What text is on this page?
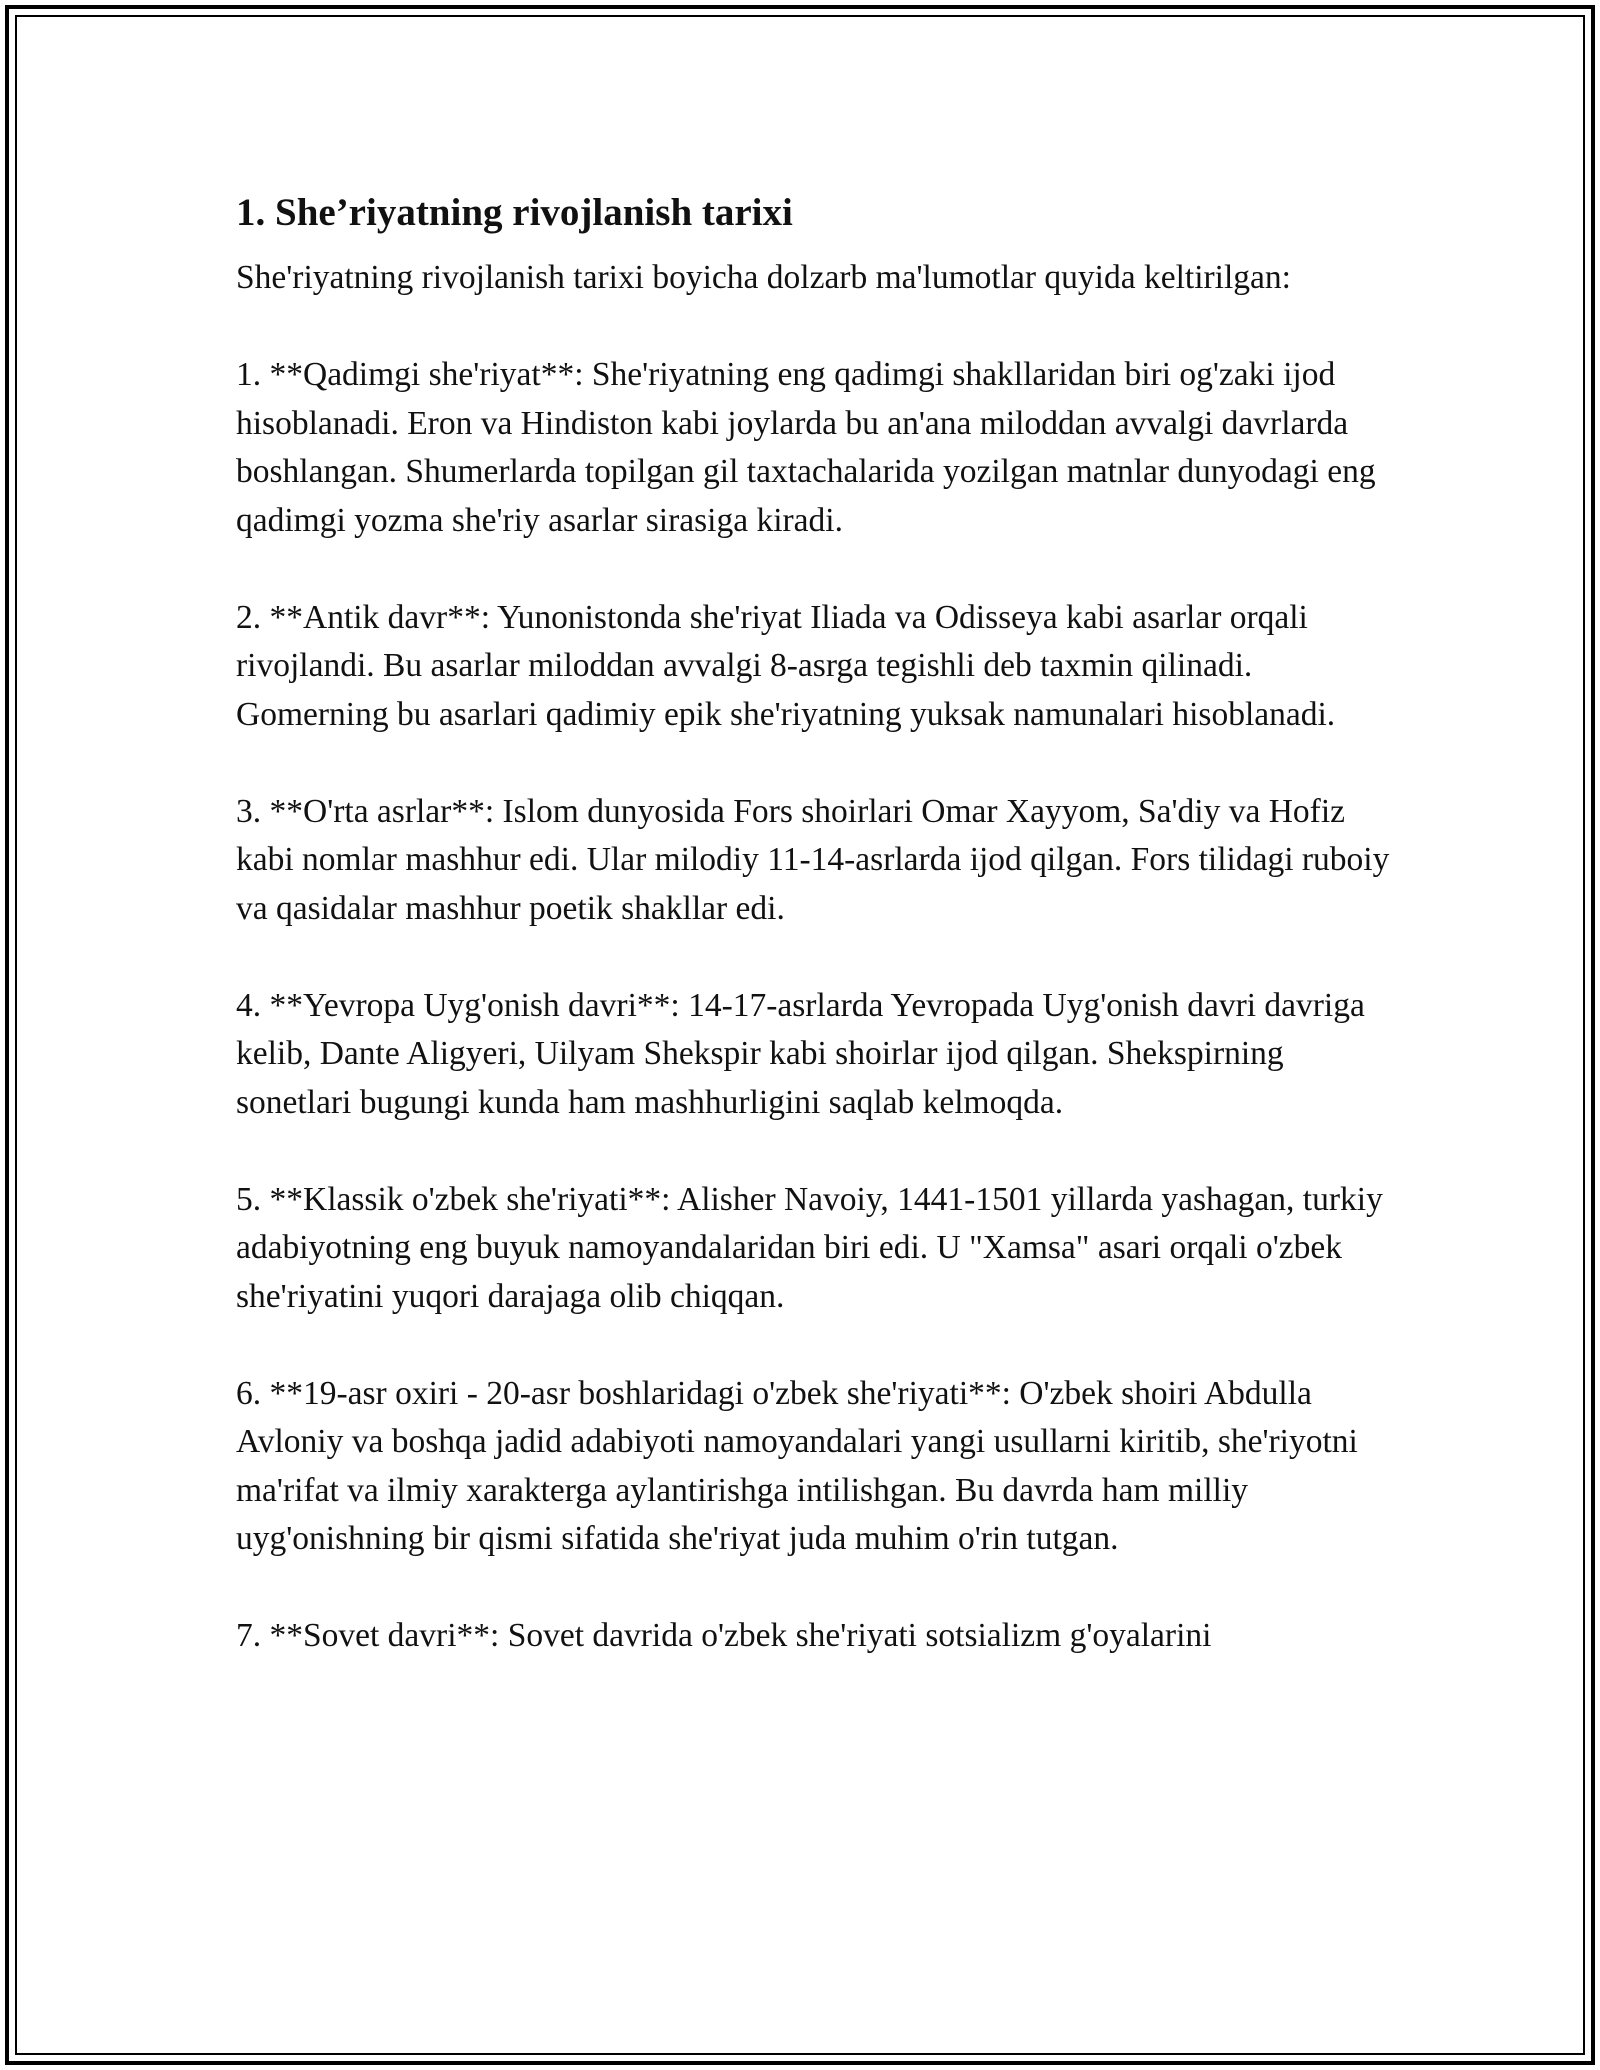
1. She’riyatning rivojlanish tarixi

She'riyatning rivojlanish tarixi boyicha dolzarb ma'lumotlar quyida keltirilgan:

1. **Qadimgi she'riyat**: She'riyatning eng qadimgi shakllaridan biri og'zaki ijod hisoblanadi. Eron va Hindiston kabi joylarda bu an'ana miloddan avvalgi davrlarda boshlangan. Shumerlarda topilgan gil taxtachalarida yozilgan matnlar dunyodagi eng qadimgi yozma she'riy asarlar sirasiga kiradi.

2. **Antik davr**: Yunonistonda she'riyat Iliada va Odisseya kabi asarlar orqali rivojlandi. Bu asarlar miloddan avvalgi 8-asrga tegishli deb taxmin qilinadi. Gomerning bu asarlari qadimiy epik she'riyatning yuksak namunalari hisoblanadi.

3. **O'rta asrlar**: Islom dunyosida Fors shoirlari Omar Xayyom, Sa'diy va Hofiz kabi nomlar mashhur edi. Ular milodiy 11-14-asrlarda ijod qilgan. Fors tilidagi ruboiy va qasidalar mashhur poetik shakllar edi.

4. **Yevropa Uyg'onish davri**: 14-17-asrlarda Yevropada Uyg'onish davri davriga kelib, Dante Aligyeri, Uilyam Shekspir kabi shoirlar ijod qilgan. Shekspirning sonetlari bugungi kunda ham mashhurligini saqlab kelmoqda.

5. **Klassik o'zbek she'riyati**: Alisher Navoiy, 1441-1501 yillarda yashagan, turkiy adabiyotning eng buyuk namoyandalaridan biri edi. U "Xamsa" asari orqali o'zbek she'riyatini yuqori darajaga olib chiqqan.

6. **19-asr oxiri - 20-asr boshlaridagi o'zbek she'riyati**: O'zbek shoiri Abdulla Avloniy va boshqa jadid adabiyoti namoyandalari yangi usullarni kiritib, she'riyotni ma'rifat va ilmiy xarakterga aylantirishga intilishgan. Bu davrda ham milliy uyg'onishning bir qismi sifatida she'riyat juda muhim o'rin tutgan.

7. **Sovet davri**: Sovet davrida o'zbek she'riyati sotsializm g'oyalarini
